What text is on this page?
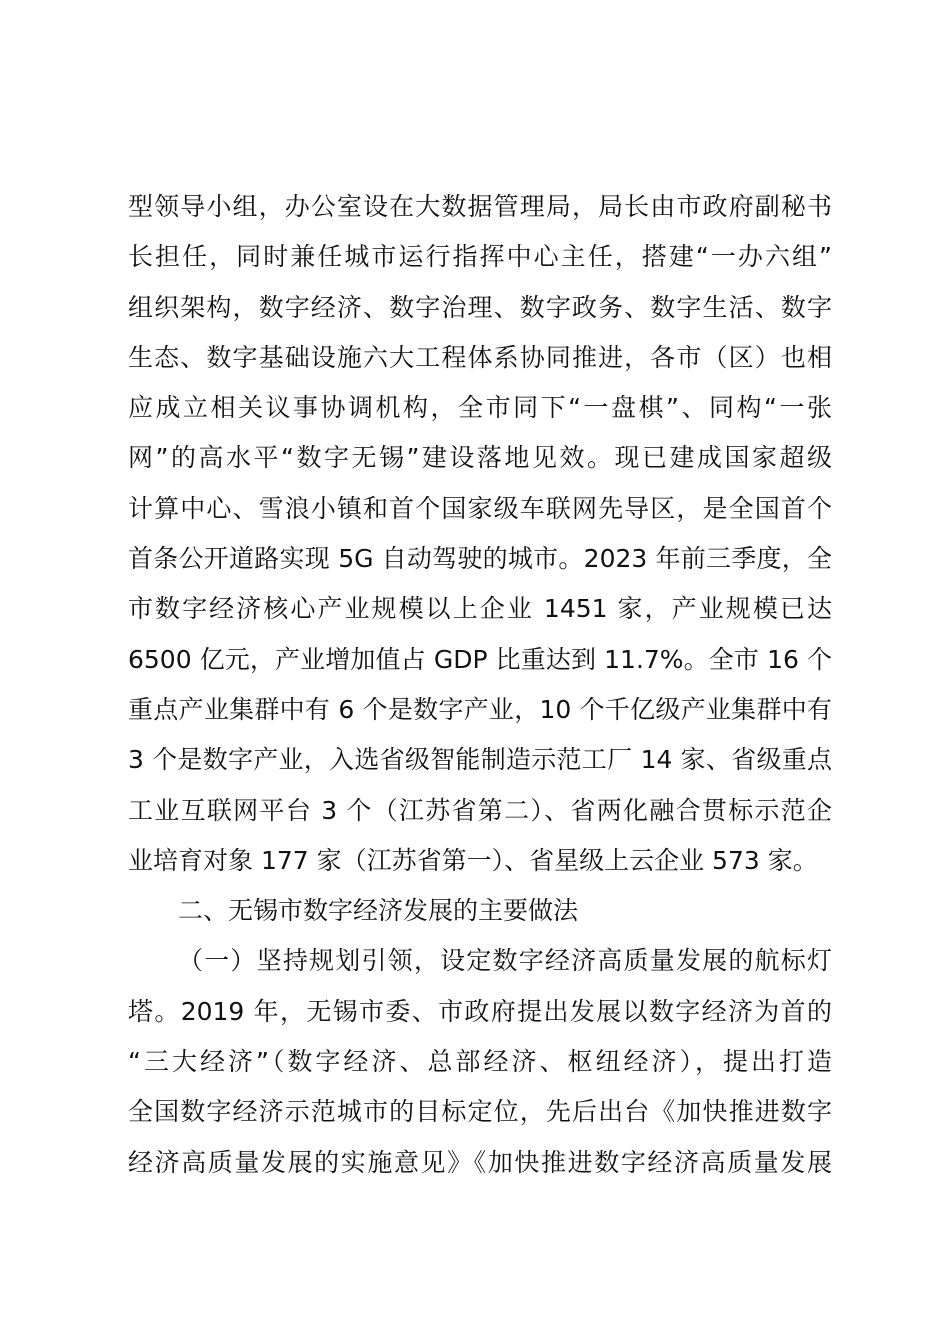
型领导小组，办公室设在大数据管理局，局长由市政府副秘书
长担任，同时兼任城市运行指挥中心主任，搭建“一办六组”
组织架构，数字经济、数字治理、数字政务、数字生活、数字
生态、数字基础设施六大工程体系协同推进，各市（区）也相
应成立相关议事协调机构，全市同下“一盘棋”、同构“一张
网”的高水平“数字无锡”建设落地见效。现已建成国家超级
计算中心、雪浪小镇和首个国家级车联网先导区，是全国首个
首条公开道路实现 5G 自动驾驶的城市。2023 年前三季度，全
市数字经济核心产业规模以上企业 1451 家，产业规模已达
6500 亿元，产业增加值占 GDP 比重达到 11.7%。全市 16 个
重点产业集群中有 6 个是数字产业，10 个千亿级产业集群中有
3 个是数字产业，入选省级智能制造示范工厂 14 家、省级重点
工业互联网平台 3 个（江苏省第二）、省两化融合贯标示范企
业培育对象 177 家（江苏省第一）、省星级上云企业 573 家。
二、无锡市数字经济发展的主要做法
（一）坚持规划引领，设定数字经济高质量发展的航标灯
塔。2019 年，无锡市委、市政府提出发展以数字经济为首的
“三大经济”（数字经济、总部经济、枢纽经济），提出打造
全国数字经济示范城市的目标定位，先后出台《加快推进数字
经济高质量发展的实施意见》《加快推进数字经济高质量发展
